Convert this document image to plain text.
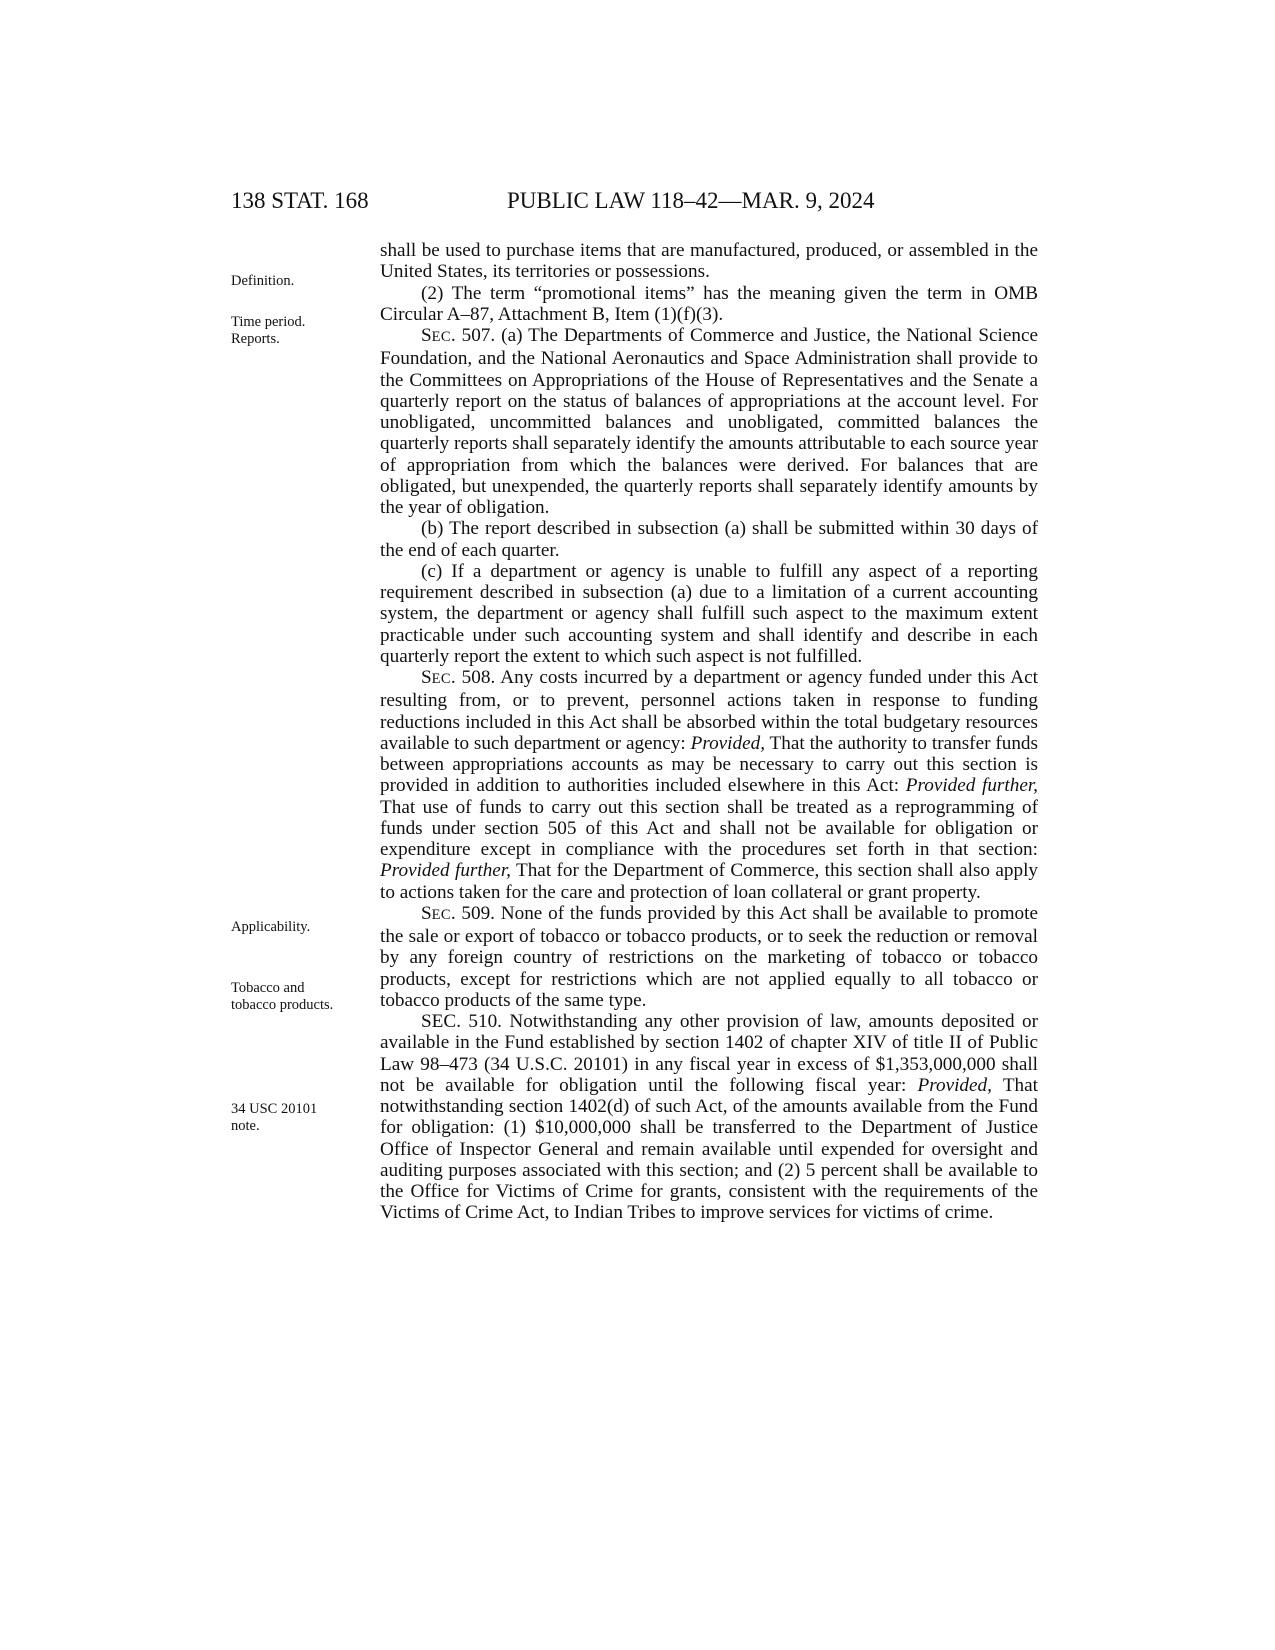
138 STAT. 168	PUBLIC LAW 118–42—MAR. 9, 2024
Definition.
Time period.
Reports.
Applicability.
Tobacco and
tobacco products.
34 USC 20101
note.

shall be used to purchase items that are manufactured, produced, or assembled in the United States, its territories or possessions.

(2) The term “promotional items” has the meaning given the term in OMB Circular A–87, Attachment B, Item (1)(f)(3).

SEC. 507. (a) The Departments of Commerce and Justice, the National Science Foundation, and the National Aeronautics and Space Administration shall provide to the Committees on Appropriations of the House of Representatives and the Senate a quarterly report on the status of balances of appropriations at the account level. For unobligated, uncommitted balances and unobligated, committed balances the quarterly reports shall separately identify the amounts attributable to each source year of appropriation from which the balances were derived. For balances that are obligated, but unexpended, the quarterly reports shall separately identify amounts by the year of obligation.

(b) The report described in subsection (a) shall be submitted within 30 days of the end of each quarter.

(c) If a department or agency is unable to fulfill any aspect of a reporting requirement described in subsection (a) due to a limitation of a current accounting system, the department or agency shall fulfill such aspect to the maximum extent practicable under such accounting system and shall identify and describe in each quarterly report the extent to which such aspect is not fulfilled.

SEC. 508. Any costs incurred by a department or agency funded under this Act resulting from, or to prevent, personnel actions taken in response to funding reductions included in this Act shall be absorbed within the total budgetary resources available to such department or agency: Provided, That the authority to transfer funds between appropriations accounts as may be necessary to carry out this section is provided in addition to authorities included elsewhere in this Act: Provided further, That use of funds to carry out this section shall be treated as a reprogramming of funds under section 505 of this Act and shall not be available for obligation or expenditure except in compliance with the procedures set forth in that section: Provided further, That for the Department of Commerce, this section shall also apply to actions taken for the care and protection of loan collateral or grant property.

SEC. 509. None of the funds provided by this Act shall be available to promote the sale or export of tobacco or tobacco products, or to seek the reduction or removal by any foreign country of restrictions on the marketing of tobacco or tobacco products, except for restrictions which are not applied equally to all tobacco or tobacco products of the same type.

SEC. 510. Notwithstanding any other provision of law, amounts deposited or available in the Fund established by section 1402 of chapter XIV of title II of Public Law 98–473 (34 U.S.C. 20101) in any fiscal year in excess of $1,353,000,000 shall not be available for obligation until the following fiscal year: Provided, That notwithstanding section 1402(d) of such Act, of the amounts available from the Fund for obligation: (1) $10,000,000 shall be transferred to the Department of Justice Office of Inspector General and remain available until expended for oversight and auditing purposes associated with this section; and (2) 5 percent shall be available to the Office for Victims of Crime for grants, consistent with the requirements of the Victims of Crime Act, to Indian Tribes to improve services for victims of crime.
